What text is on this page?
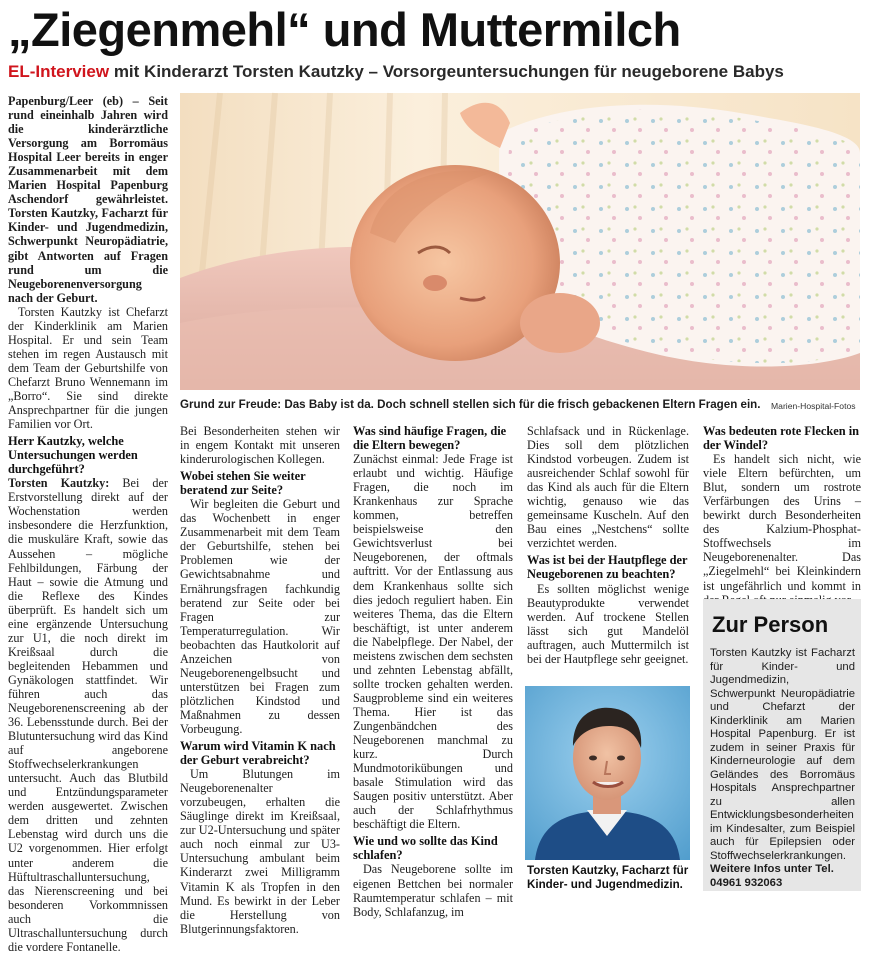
„Ziegenmehl“ und Muttermilch
EL-Interview mit Kinderarzt Torsten Kautzky – Vorsorgeuntersuchungen für neugeborene Babys

Papenburg/Leer (eb) – Seit rund eineinhalb Jahren wird die kinderärztliche Versorgung am Borromäus Hospital Leer bereits in enger Zusammenarbeit mit dem Marien Hospital Papenburg Aschendorf gewährleistet. Torsten Kautzky, Facharzt für Kinder- und Jugendmedizin, Schwerpunkt Neuropädiatrie, gibt Antworten auf Fragen rund um die Neugeborenenversorgung nach der Geburt.

Torsten Kautzky ist Chefarzt der Kinderklinik am Marien Hospital. Er und sein Team stehen im regen Austausch mit dem Team der Geburtshilfe von Chefarzt Bruno Wennemann im „Borro“. Sie sind direkte Ansprechpartner für die jungen Familien vor Ort.

Herr Kautzky, welche Untersuchungen werden durchgeführt?

Torsten Kautzky: Bei der Erstvorstellung direkt auf der Wochenstation werden insbesondere die Herzfunktion, die muskuläre Kraft, sowie das Aussehen – mögliche Fehlbildungen, Färbung der Haut – sowie die Atmung und die Reflexe des Kindes überprüft. Es handelt sich um eine ergänzende Untersuchung zur U1, die noch direkt im Kreißsaal durch die begleitenden Hebammen und Gynäkologen stattfindet. Wir führen auch das Neugeborenenscreening ab der 36. Lebensstunde durch. Bei der Blutuntersuchung wird das Kind auf angeborene Stoffwechselerkrankungen untersucht. Auch das Blutbild und Entzündungsparameter werden ausgewertet. Zwischen dem dritten und zehnten Lebenstag wird durch uns die U2 vorgenommen. Hier erfolgt unter anderem die Hüftultraschalluntersuchung, das Nierenscreening und bei besonderen Vorkommnissen auch die Ultraschalluntersuchung durch die vordere Fontanelle.

Grund zur Freude: Das Baby ist da. Doch schnell stellen sich für die frisch gebackenen Eltern Fragen ein.	Marien-Hospital-Fotos

Bei Besonderheiten stehen wir in engem Kontakt mit unseren kinderurologischen Kollegen.

Wobei stehen Sie weiter beratend zur Seite?

Wir begleiten die Geburt und das Wochenbett in enger Zusammenarbeit mit dem Team der Geburtshilfe, stehen bei Problemen wie der Gewichtsabnahme und Ernährungsfragen fachkundig beratend zur Seite oder bei Fragen zur Temperaturregulation. Wir beobachten das Hautkolorit auf Anzeichen von Neugeborenengelbsucht und unterstützen bei Fragen zum plötzlichen Kindstod und Maßnahmen zu dessen Vorbeugung.

Warum wird Vitamin K nach der Geburt verabreicht?

Um Blutungen im Neugeborenenalter vorzubeugen, erhalten die Säuglinge direkt im Kreißsaal, zur U2-Untersuchung und später auch noch einmal zur U3-Untersuchung ambulant beim Kinderarzt zwei Milligramm Vitamin K als Tropfen in den Mund. Es bewirkt in der Leber die Herstellung von Blutgerinnungsfaktoren.

Was sind häufige Fragen, die die Eltern bewegen?

Zunächst einmal: Jede Frage ist erlaubt und wichtig. Häufige Fragen, die noch im Krankenhaus zur Sprache kommen, betreffen beispielsweise den Gewichtsverlust bei Neugeborenen, der oftmals auftritt. Vor der Entlassung aus dem Krankenhaus sollte sich dies jedoch reguliert haben. Ein weiteres Thema, das die Eltern beschäftigt, ist unter anderem die Nabelpflege. Der Nabel, der meistens zwischen dem sechsten und zehnten Lebenstag abfällt, sollte trocken gehalten werden. Saugprobleme sind ein weiteres Thema. Hier ist das Zungenbändchen des Neugeborenen manchmal zu kurz. Durch Mundmotorikübungen und basale Stimulation wird das Saugen positiv unterstützt. Aber auch der Schlafrhythmus beschäftigt die Eltern.

Wie und wo sollte das Kind schlafen?

Das Neugeborene sollte im eigenen Bettchen bei normaler Raumtemperatur schlafen – mit Body, Schlafanzug, im

Schlafsack und in Rückenlage. Dies soll dem plötzlichen Kindstod vorbeugen. Zudem ist ausreichender Schlaf sowohl für das Kind als auch für die Eltern wichtig, genauso wie das gemeinsame Kuscheln. Auf den Bau eines „Nestchens“ sollte verzichtet werden.

Was ist bei der Hautpflege der Neugeborenen zu beachten?

Es sollten möglichst wenige Beautyprodukte verwendet werden. Auf trockene Stellen lässt sich gut Mandelöl auftragen, auch Muttermilch ist bei der Hautpflege sehr geeignet.

Torsten Kautzky, Facharzt für Kinder- und Jugendmedizin.
Was bedeuten rote Flecken in der Windel?

Es handelt sich nicht, wie viele Eltern befürchten, um Blut, sondern um rostrote Verfärbungen des Urins – bewirkt durch Besonderheiten des Kalzium-Phosphat-Stoffwechsels im Neugeborenenalter. Das „Ziegelmehl“ bei Kleinkindern ist ungefährlich und kommt in

Zur Person
Torsten Kautzky ist Facharzt für Kinder- und Jugendmedizin, Schwerpunkt Neuropädiatrie und Chefarzt der Kinderklinik am Marien Hospital Papenburg. Er ist zudem in seiner Praxis für Kinderneurologie auf dem Geländes des Borromäus Hospitals Ansprechpartner zu allen Entwicklungsbesonderheiten im Kindesalter, zum Beispiel auch für Epilepsien oder Stoffwechselerkrankungen.
Weitere Infos unter Tel. 04961 932063
